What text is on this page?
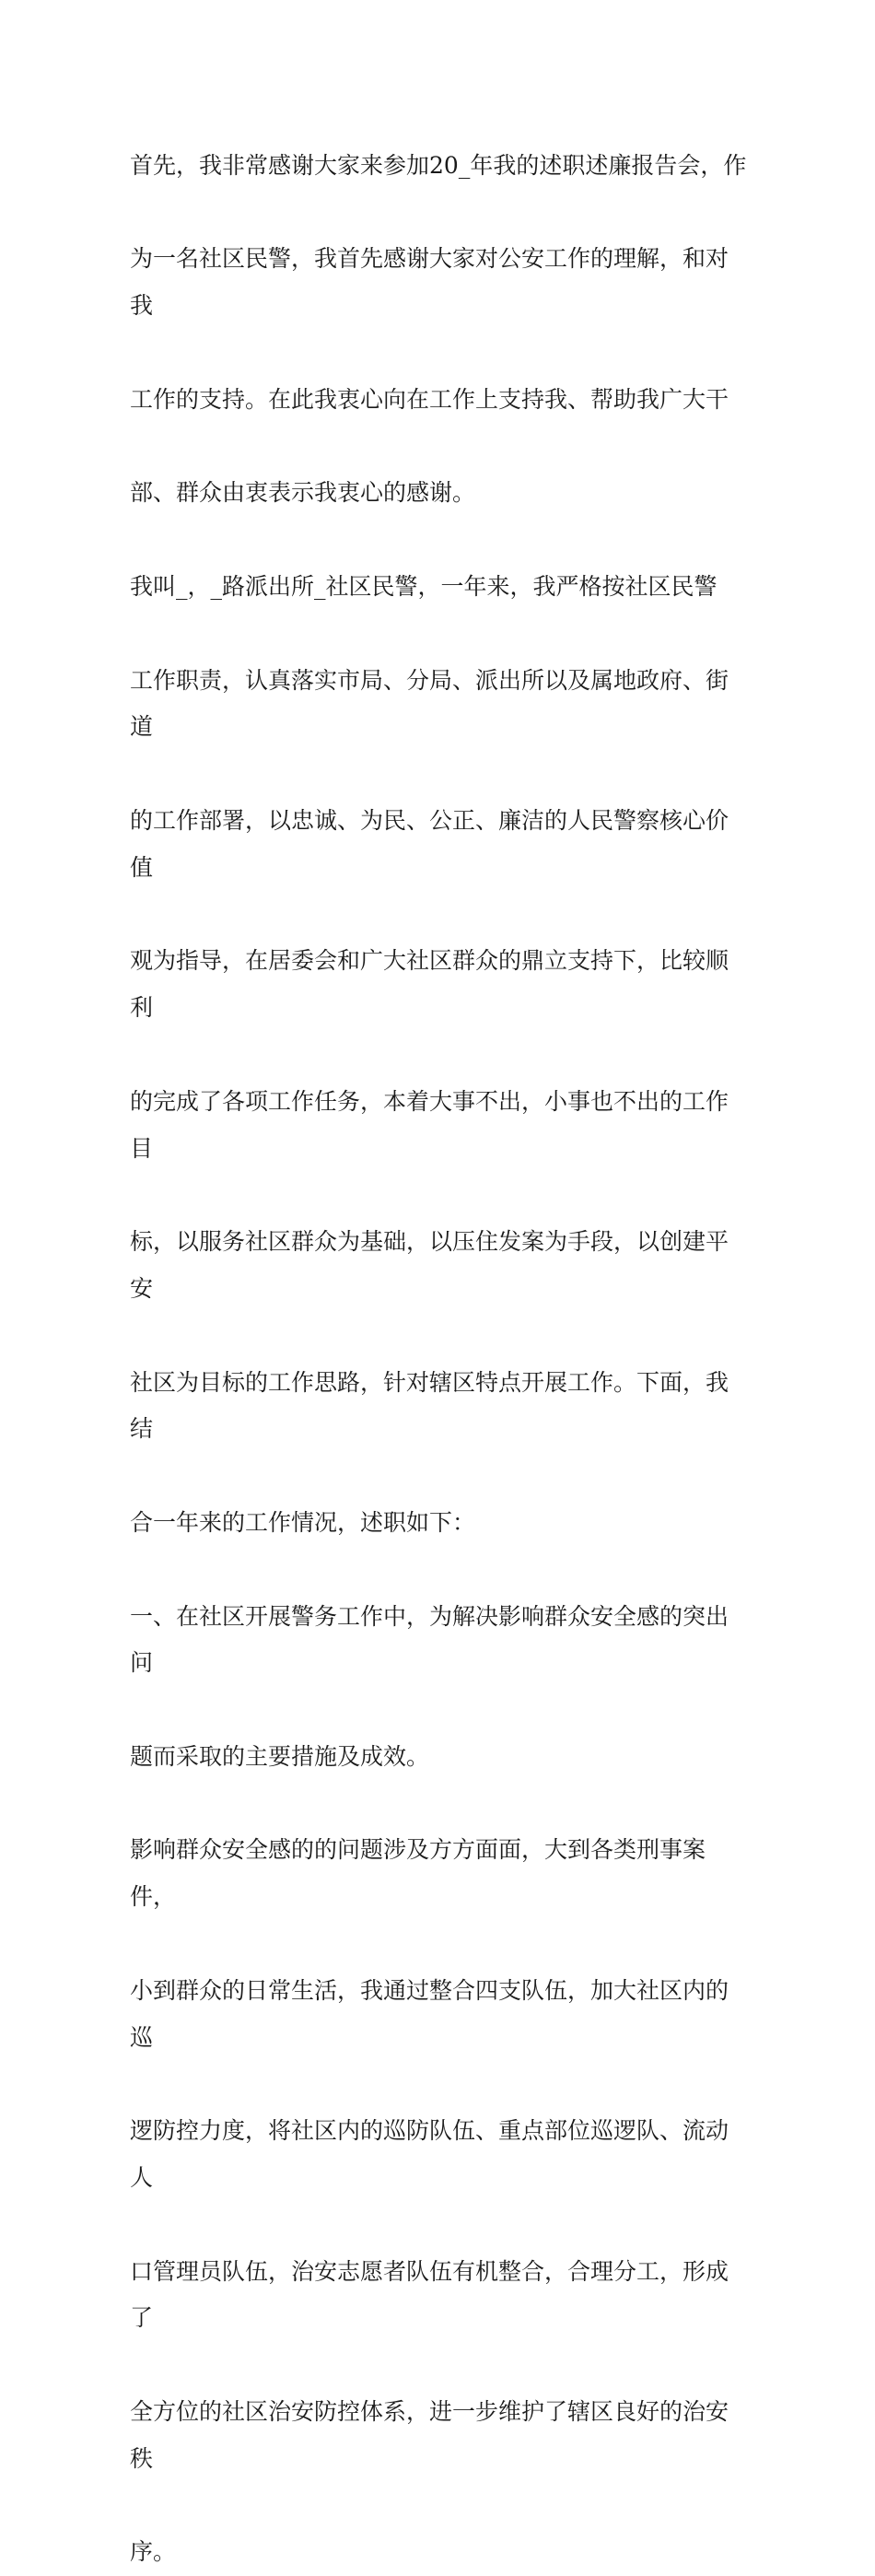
首先，我非常感谢大家来参加20_年我的述职述廉报告会，作

为一名社区民警，我首先感谢大家对公安工作的理解，和对我

工作的支持。在此我衷心向在工作上支持我、帮助我广大干

部、群众由衷表示我衷心的感谢。

我叫_，_路派出所_社区民警，一年来，我严格按社区民警

工作职责，认真落实市局、分局、派出所以及属地政府、街道

的工作部署，以忠诚、为民、公正、廉洁的人民警察核心价值

观为指导，在居委会和广大社区群众的鼎立支持下，比较顺利

的完成了各项工作任务，本着大事不出，小事也不出的工作目

标，以服务社区群众为基础，以压住发案为手段，以创建平安

社区为目标的工作思路，针对辖区特点开展工作。下面，我结

合一年来的工作情况，述职如下：

一、在社区开展警务工作中，为解决影响群众安全感的突出问

题而采取的主要措施及成效。

影响群众安全感的的问题涉及方方面面，大到各类刑事案件，

小到群众的日常生活，我通过整合四支队伍，加大社区内的巡

逻防控力度，将社区内的巡防队伍、重点部位巡逻队、流动人

口管理员队伍，治安志愿者队伍有机整合，合理分工，形成了

全方位的社区治安防控体系，进一步维护了辖区良好的治安秩

序。
